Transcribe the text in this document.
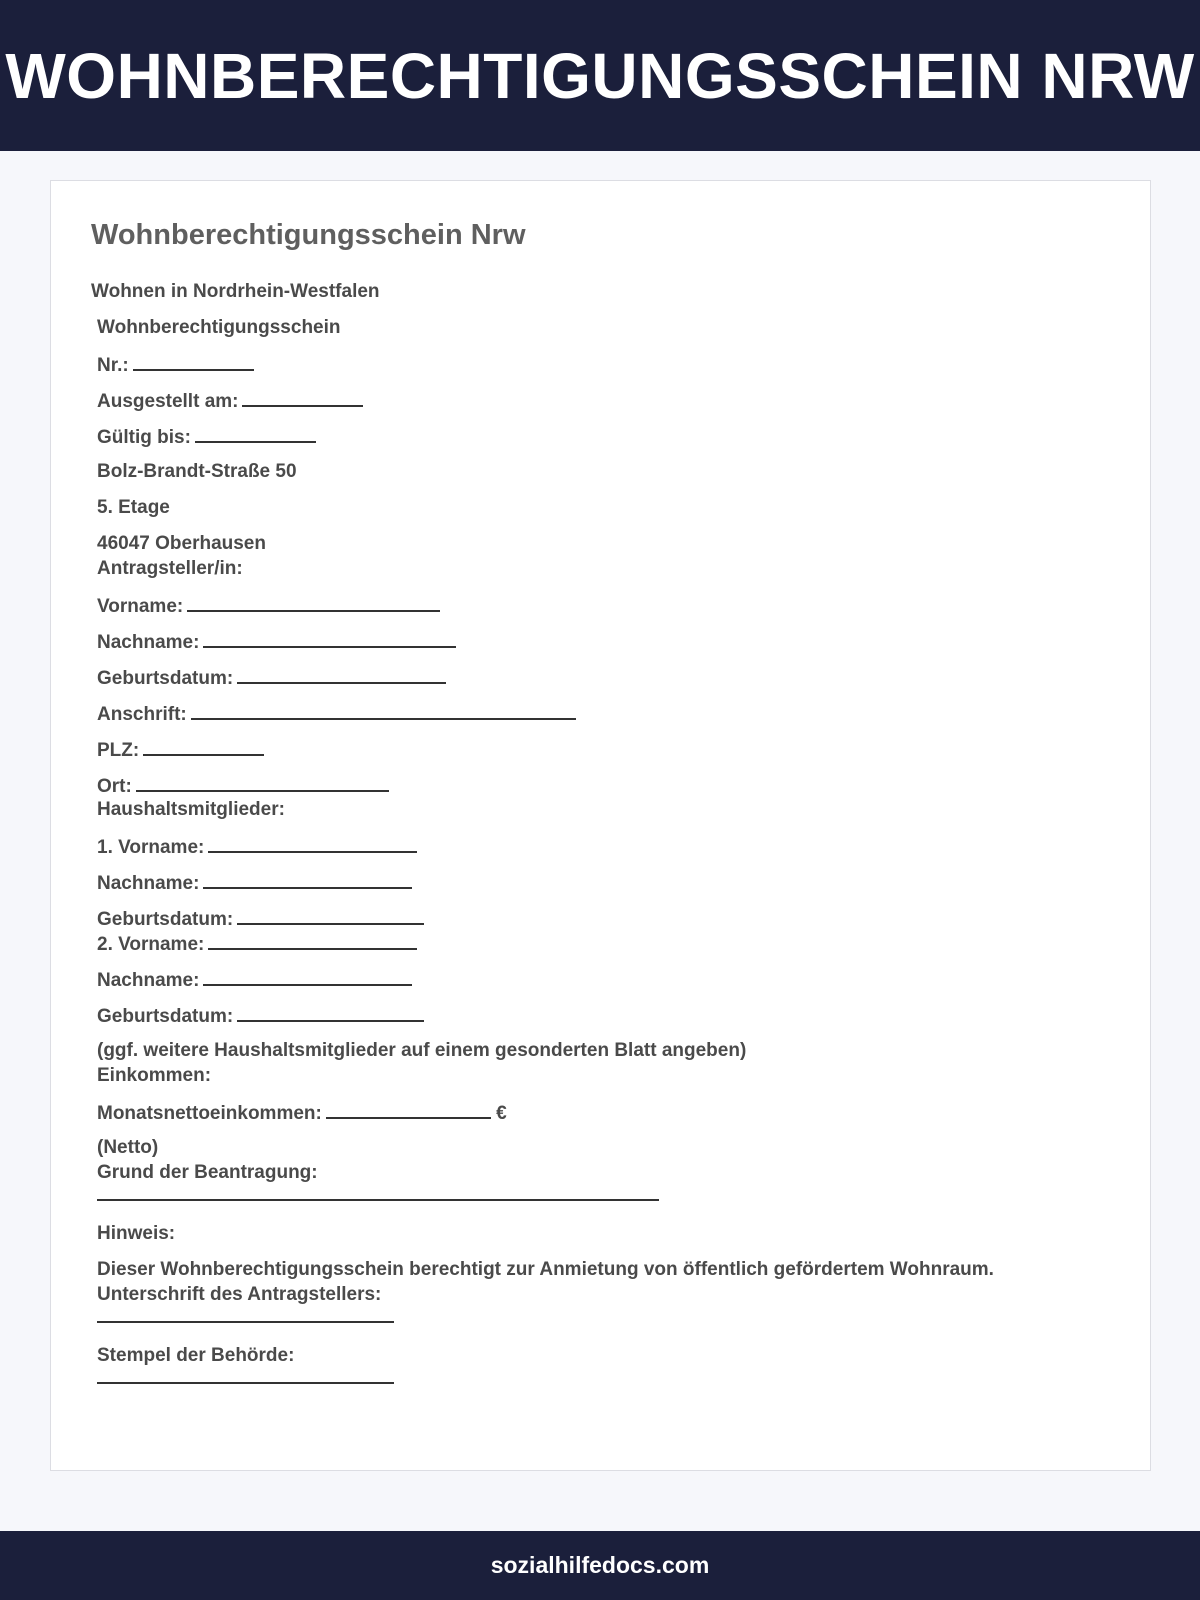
WOHNBERECHTIGUNGSSCHEIN NRW
Wohnberechtigungsschein Nrw
Wohnen in Nordrhein-Westfalen
Wohnberechtigungsschein
Nr.:
Ausgestellt am:
Gültig bis:
Bolz-Brandt-Straße 50
5. Etage
46047 Oberhausen
Antragsteller/in:
Vorname:
Nachname:
Geburtsdatum:
Anschrift:
PLZ:
Ort:
Haushaltsmitglieder:
1. Vorname:
Nachname:
Geburtsdatum:
2. Vorname:
Nachname:
Geburtsdatum:
(ggf. weitere Haushaltsmitglieder auf einem gesonderten Blatt angeben)
Einkommen:
Monatsnettoeinkommen:	€
(Netto)
Grund der Beantragung:
Hinweis:
Dieser Wohnberechtigungsschein berechtigt zur Anmietung von öffentlich gefördertem Wohnraum.
Unterschrift des Antragstellers:
Stempel der Behörde:
sozialhilfedocs.com
